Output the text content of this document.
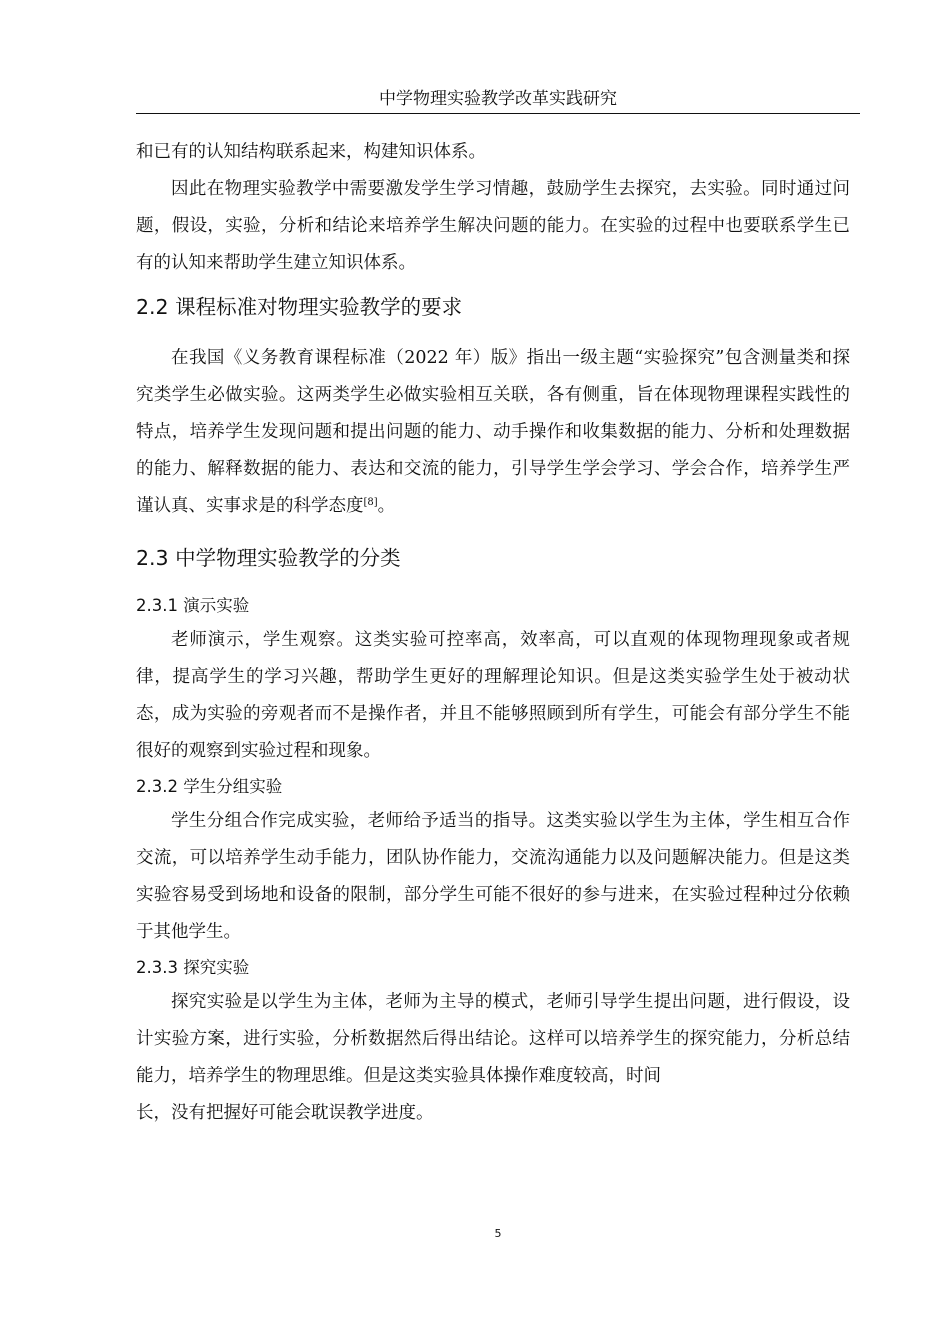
中学物理实验教学改革实践研究

和已有的认知结构联系起来，构建知识体系。

因此在物理实验教学中需要激发学生学习情趣，鼓励学生去探究，去实验。同时通过问题，假设，实验，分析和结论来培养学生解决问题的能力。在实验的过程中也要联系学生已有的认知来帮助学生建立知识体系。

2.2 课程标准对物理实验教学的要求

在我国《义务教育课程标准（2022 年）版》指出一级主题“实验探究”包含测量类和探究类学生必做实验。这两类学生必做实验相互关联，各有侧重，旨在体现物理课程实践性的特点，培养学生发现问题和提出问题的能力、动手操作和收集数据的能力、分析和处理数据的能力、解释数据的能力、表达和交流的能力，引导学生学会学习、学会合作，培养学生严谨认真、实事求是的科学态度[8]。

2.3 中学物理实验教学的分类
2.3.1 演示实验

老师演示，学生观察。这类实验可控率高，效率高，可以直观的体现物理现象或者规律，提高学生的学习兴趣，帮助学生更好的理解理论知识。但是这类实验学生处于被动状态，成为实验的旁观者而不是操作者，并且不能够照顾到所有学生，可能会有部分学生不能很好的观察到实验过程和现象。

2.3.2 学生分组实验

学生分组合作完成实验，老师给予适当的指导。这类实验以学生为主体，学生相互合作交流，可以培养学生动手能力，团队协作能力，交流沟通能力以及问题解决能力。但是这类实验容易受到场地和设备的限制，部分学生可能不很好的参与进来，在实验过程种过分依赖于其他学生。

2.3.3 探究实验

探究实验是以学生为主体，老师为主导的模式，老师引导学生提出问题，进行假设，设计实验方案，进行实验，分析数据然后得出结论。这样可以培养学生的探究能力，分析总结能力，培养学生的物理思维。但是这类实验具体操作难度较高，时间

长，没有把握好可能会耽误教学进度。

5
